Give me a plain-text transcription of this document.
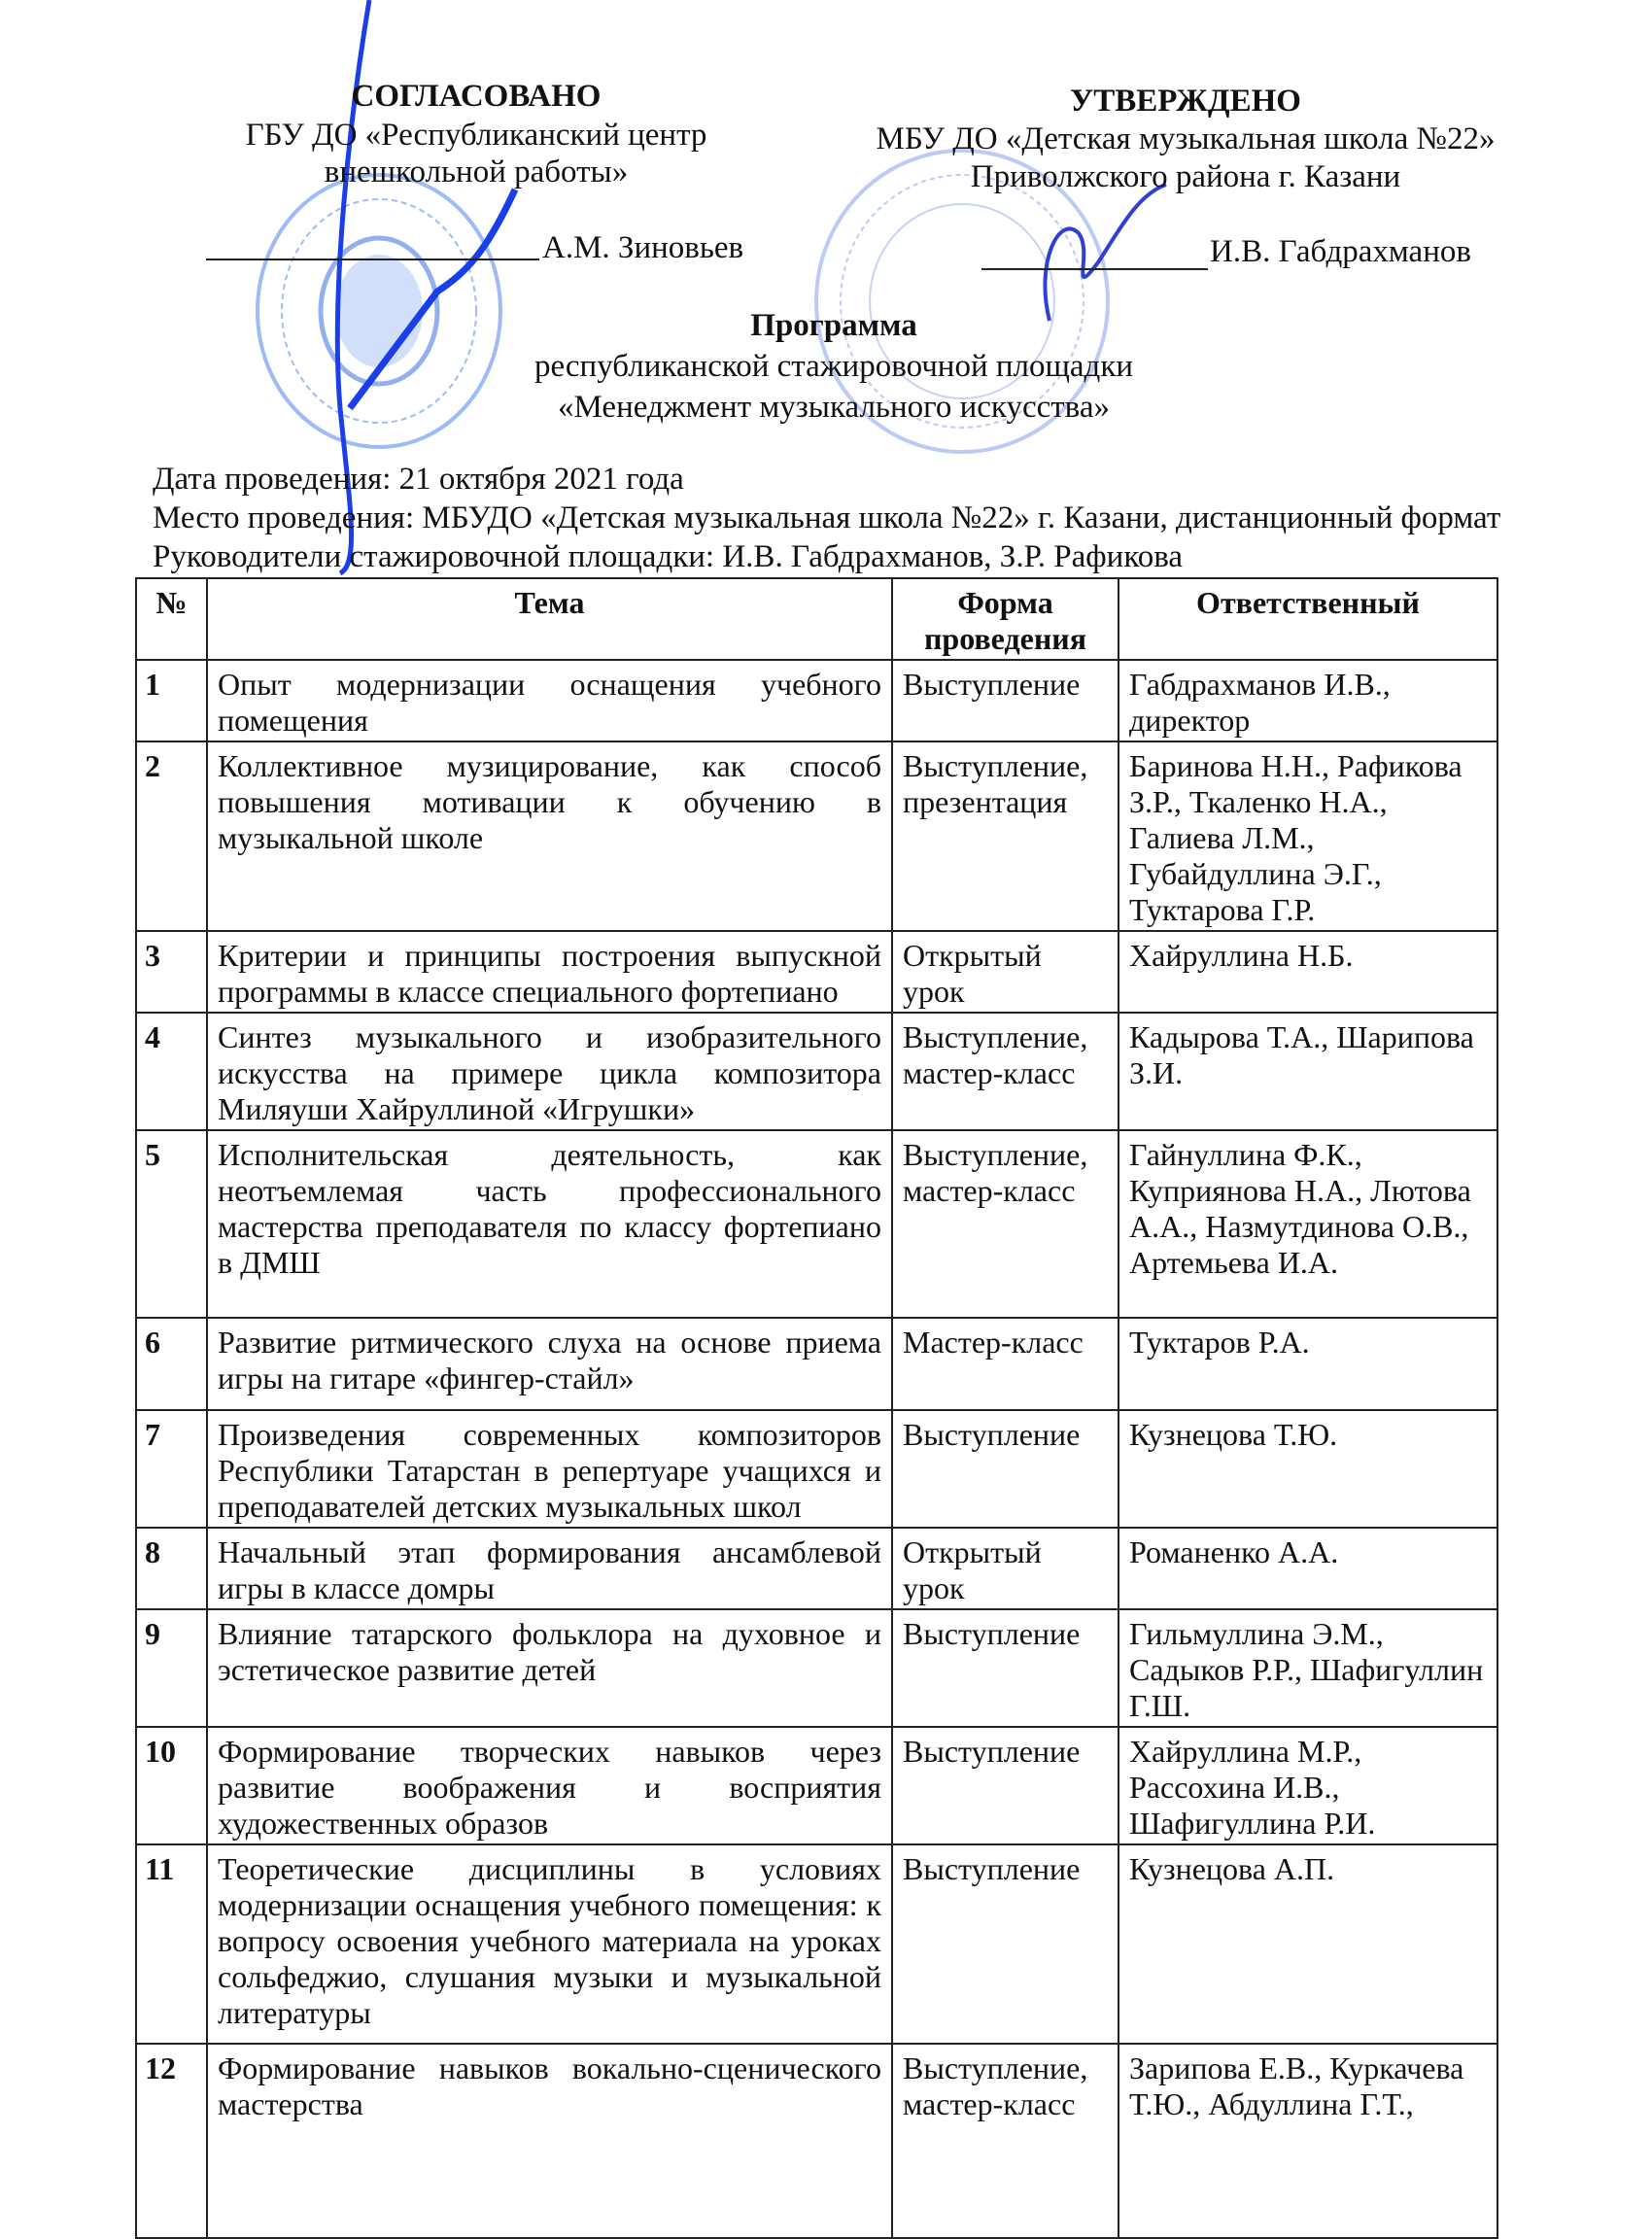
СОГЛАСОВАНО
ГБУ ДО «Республиканский центр
внешкольной работы»
А.М. Зиновьев
УТВЕРЖДЕНО
МБУ ДО «Детская музыкальная школа №22»
Приволжского района г. Казани
И.В. Габдрахманов
Программа
республиканской стажировочной площадки
«Менеджмент музыкального искусства»
Дата проведения: 21 октября 2021 года
Место проведения: МБУДО «Детская музыкальная школа №22» г. Казани, дистанционный формат
Руководители стажировочной площадки: И.В. Габдрахманов, З.Р. Рафикова
№	Тема	Форма проведения	Ответственный
1	Опыт модернизации оснащения учебного помещения	Выступление	Габдрахманов И.В., директор
2	Коллективное музицирование, как способ повышения мотивации к обучению в музыкальной школе	Выступление, презентация	Баринова Н.Н., Рафикова З.Р., Ткаленко Н.А., Галиева Л.М., Губайдуллина Э.Г., Туктарова Г.Р.
3	Критерии и принципы построения выпускной программы в классе специального фортепиано	Открытый урок	Хайруллина Н.Б.
4	Синтез музыкального и изобразительного искусства на примере цикла композитора Миляуши Хайруллиной «Игрушки»	Выступление, мастер-класс	Кадырова Т.А., Шарипова З.И.
5	Исполнительская деятельность, как неотъемлемая часть профессионального мастерства преподавателя по классу фортепиано в ДМШ	Выступление, мастер-класс	Гайнуллина Ф.К., Куприянова Н.А., Лютова А.А., Назмутдинова О.В., Артемьева И.А.
6	Развитие ритмического слуха на основе приема игры на гитаре «фингер-стайл»	Мастер-класс	Туктаров Р.А.
7	Произведения современных композиторов Республики Татарстан в репертуаре учащихся и преподавателей детских музыкальных школ	Выступление	Кузнецова Т.Ю.
8	Начальный этап формирования ансамблевой игры в классе домры	Открытый урок	Романенко А.А.
9	Влияние татарского фольклора на духовное и эстетическое развитие детей	Выступление	Гильмуллина Э.М., Садыков Р.Р., Шафигуллин Г.Ш.
10	Формирование творческих навыков через развитие воображения и восприятия художественных образов	Выступление	Хайруллина М.Р., Рассохина И.В., Шафигуллина Р.И.
11	Теоретические дисциплины в условиях модернизации оснащения учебного помещения: к вопросу освоения учебного материала на уроках сольфеджио, слушания музыки и музыкальной литературы	Выступление	Кузнецова А.П.
12	Формирование навыков вокально-сценического мастерства	Выступление, мастер-класс	Зарипова Е.В., Куркачева Т.Ю., Абдуллина Г.Т.,
